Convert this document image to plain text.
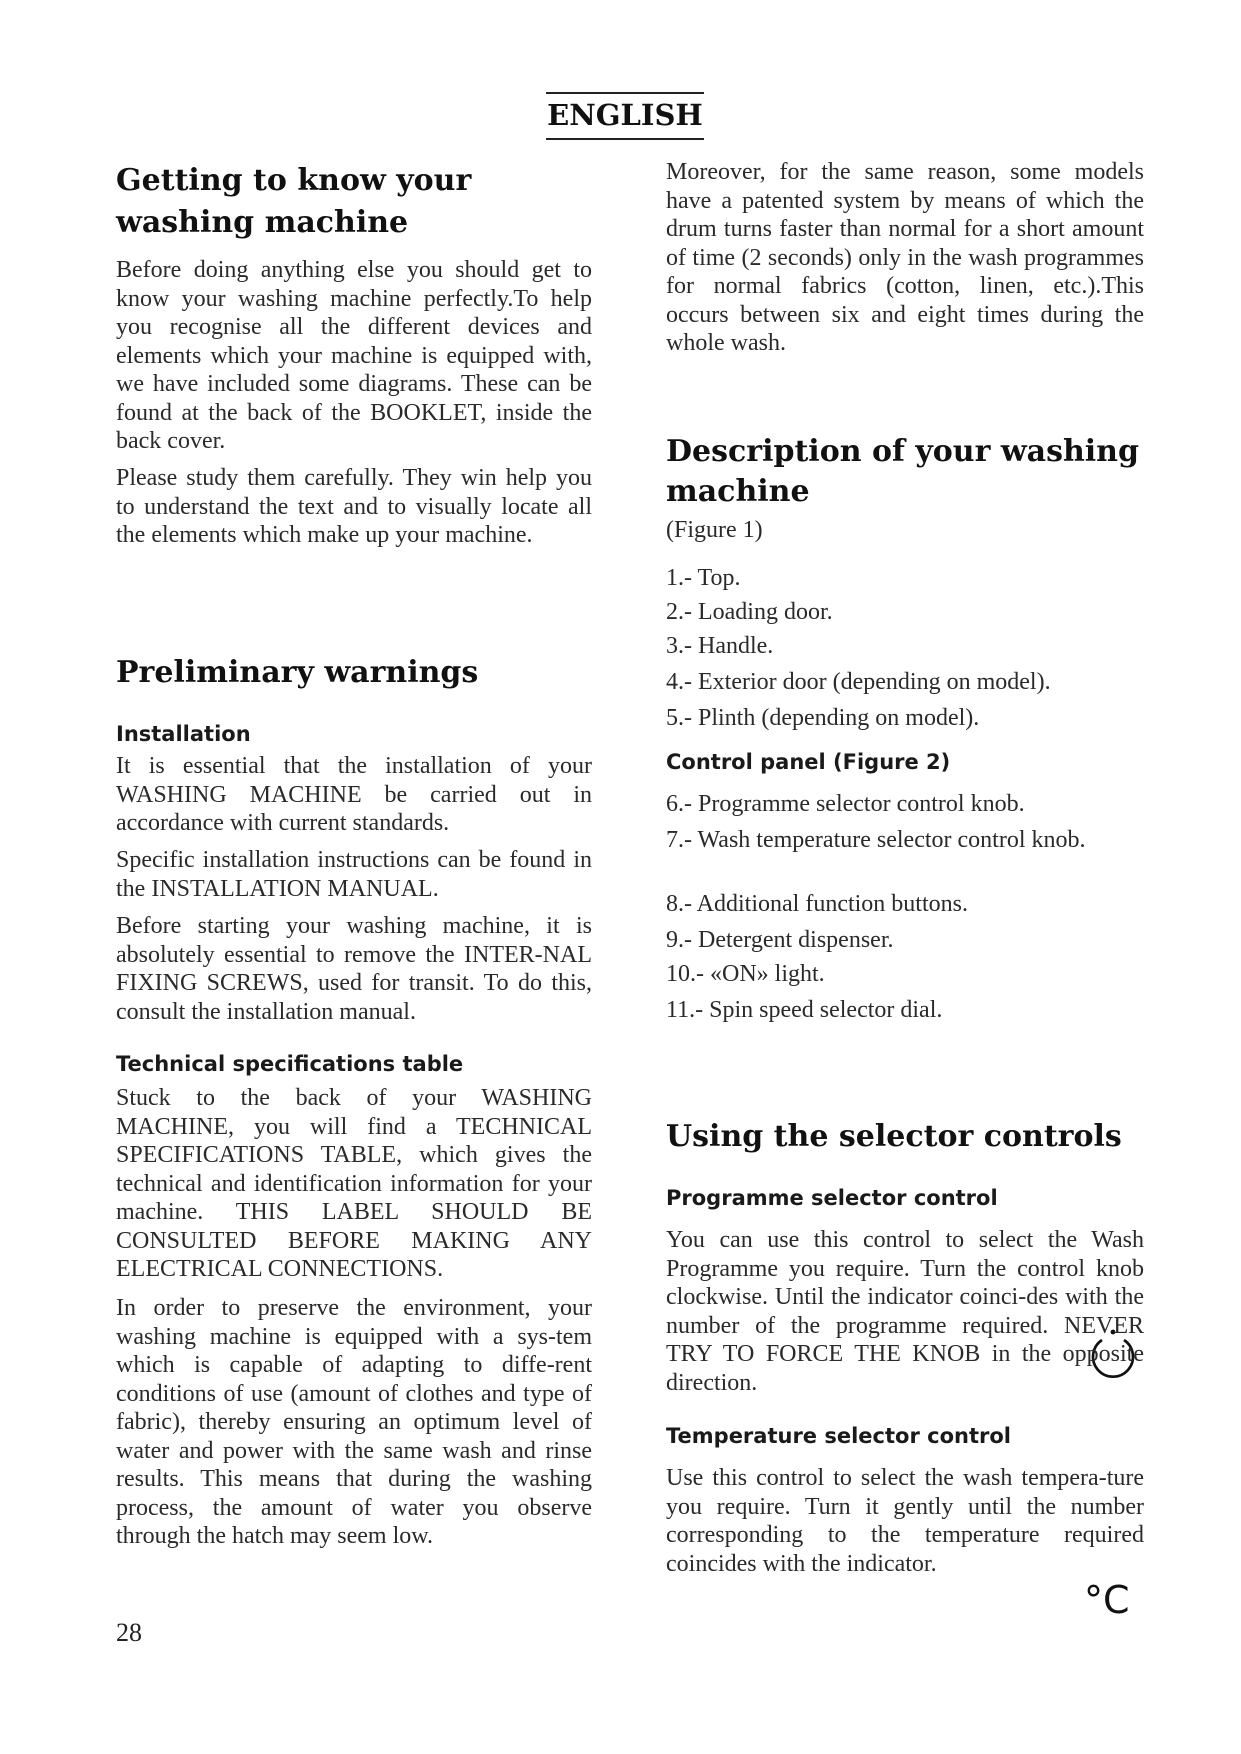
ENGLISH

Getting to know your

washing machine

Before doing anything else you should get to know your washing machine perfectly.To help you recognise all the different devices and elements which your machine is equipped with, we have included some diagrams. These can be found at the back of the BOOKLET, inside the back cover.

Please study them carefully. They win help you to understand the text and to visually locate all the elements which make up your machine.

Preliminary warnings

Installation

It is essential that the installation of your WASHING MACHINE be carried out in accordance with current standards.

Specific installation instructions can be found in the INSTALLATION MANUAL.

Before starting your washing machine, it is absolutely essential to remove the INTER-NAL FIXING SCREWS, used for transit. To do this, consult the installation manual.

Technical specifications table

Stuck to the back of your WASHING MACHINE, you will find a TECHNICAL SPECIFICATIONS TABLE, which gives the technical and identification information for your machine. THIS LABEL SHOULD BE CONSULTED BEFORE MAKING ANY ELECTRICAL CONNECTIONS.

In order to preserve the environment, your washing machine is equipped with a sys-tem which is capable of adapting to diffe-rent conditions of use (amount of clothes and type of fabric), thereby ensuring an optimum level of water and power with the same wash and rinse results. This means that during the washing process, the amount of water you observe through the hatch may seem low.

Moreover, for the same reason, some models have a patented system by means of which the drum turns faster than normal for a short amount of time (2 seconds) only in the wash programmes for normal fabrics (cotton, linen, etc.).This occurs between six and eight times during the whole wash.

Description of your washing

machine

(Figure 1)

1.- Top.

2.- Loading door.

3.- Handle.

4.- Exterior door (depending on model).

5.- Plinth (depending on model).

Control panel (Figure 2)

6.- Programme selector control knob.

7.- Wash temperature selector control knob.

8.- Additional function buttons.

9.- Detergent dispenser.

10.- «ON» light.

11.- Spin speed selector dial.

Using the selector controls

Programme selector control

You can use this control to select the Wash Programme you require. Turn the control knob clockwise. Until the indicator coinci-des with the number of the programme required. NEVER TRY TO FORCE THE KNOB in the opposite direction.

Temperature selector control

°C

Use this control to select the wash tempera-ture you require. Turn it gently until the number corresponding to the temperature required coincides with the indicator.

28
